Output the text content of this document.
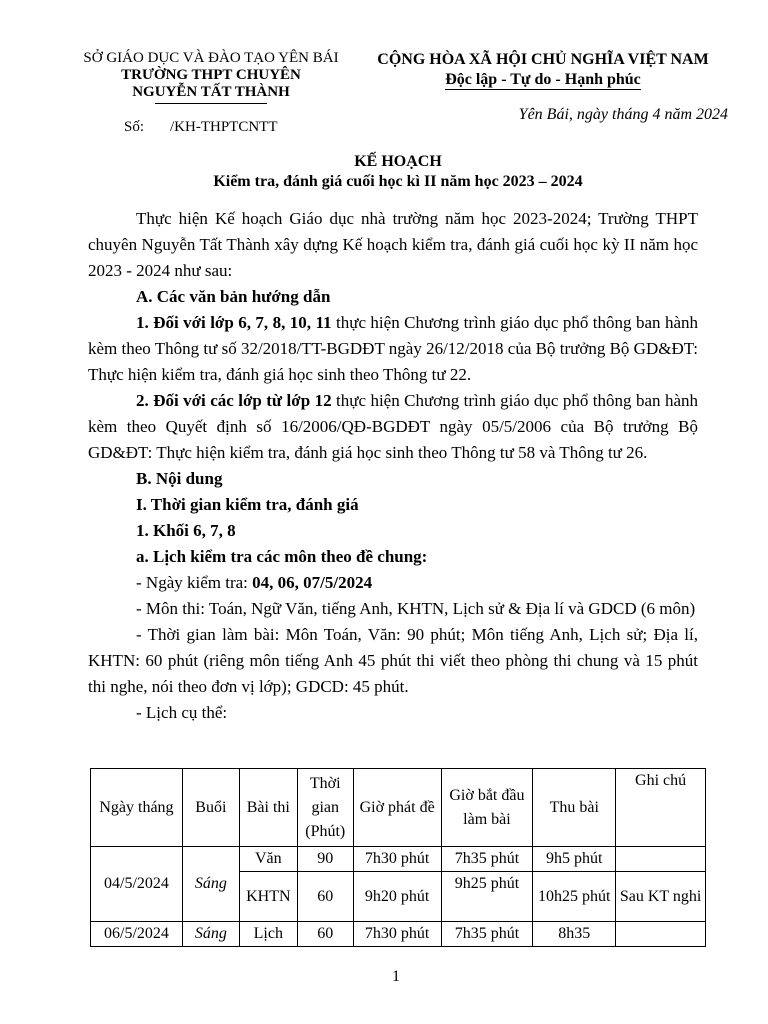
SỞ GIÁO DỤC VÀ ĐÀO TẠO YÊN BÁI
TRƯỜNG THPT CHUYÊN
NGUYỄN TẤT THÀNH
Số: /KH-THPTCNTT
CỘNG HÒA XÃ HỘI CHỦ NGHĨA VIỆT NAM
Độc lập - Tự do - Hạnh phúc
Yên Bái, ngày tháng 4 năm 2024
KẾ HOẠCH
Kiểm tra, đánh giá cuối học kì II năm học 2023 – 2024

Thực hiện Kế hoạch Giáo dục nhà trường năm học 2023-2024; Trường THPT chuyên Nguyễn Tất Thành xây dựng Kế hoạch kiểm tra, đánh giá cuối học kỳ II năm học 2023 - 2024 như sau:

A. Các văn bản hướng dẫn

1. Đối với lớp 6, 7, 8, 10, 11 thực hiện Chương trình giáo dục phổ thông ban hành kèm theo Thông tư số 32/2018/TT-BGDĐT ngày 26/12/2018 của Bộ trưởng Bộ GD&ĐT: Thực hiện kiểm tra, đánh giá học sinh theo Thông tư 22.

2. Đối với các lớp từ lớp 12 thực hiện Chương trình giáo dục phổ thông ban hành kèm theo Quyết định số 16/2006/QĐ-BGDĐT ngày 05/5/2006 của Bộ trưởng Bộ GD&ĐT: Thực hiện kiểm tra, đánh giá học sinh theo Thông tư 58 và Thông tư 26.

B. Nội dung

I. Thời gian kiểm tra, đánh giá

1. Khối 6, 7, 8

a. Lịch kiểm tra các môn theo đề chung:

- Ngày kiểm tra: 04, 06, 07/5/2024

- Môn thi: Toán, Ngữ Văn, tiếng Anh, KHTN, Lịch sử & Địa lí và GDCD (6 môn)

- Thời gian làm bài: Môn Toán, Văn: 90 phút; Môn tiếng Anh, Lịch sử; Địa lí, KHTN: 60 phút (riêng môn tiếng Anh 45 phút thi viết theo phòng thi chung và 15 phút thi nghe, nói theo đơn vị lớp); GDCD: 45 phút.

- Lịch cụ thể:

Ngày tháng	Buổi	Bài thi	Thời gian (Phút)	Giờ phát đề	Giờ bắt đầu làm bài	Thu bài	Ghi chú
04/5/2024	Sáng	Văn	90	7h30 phút	7h35 phút	9h5 phút	
		KHTN	60	9h20 phút	9h25 phút	10h25 phút	Sau KT nghi
06/5/2024	Sáng	Lịch	60	7h30 phút	7h35 phút	8h35	
1
